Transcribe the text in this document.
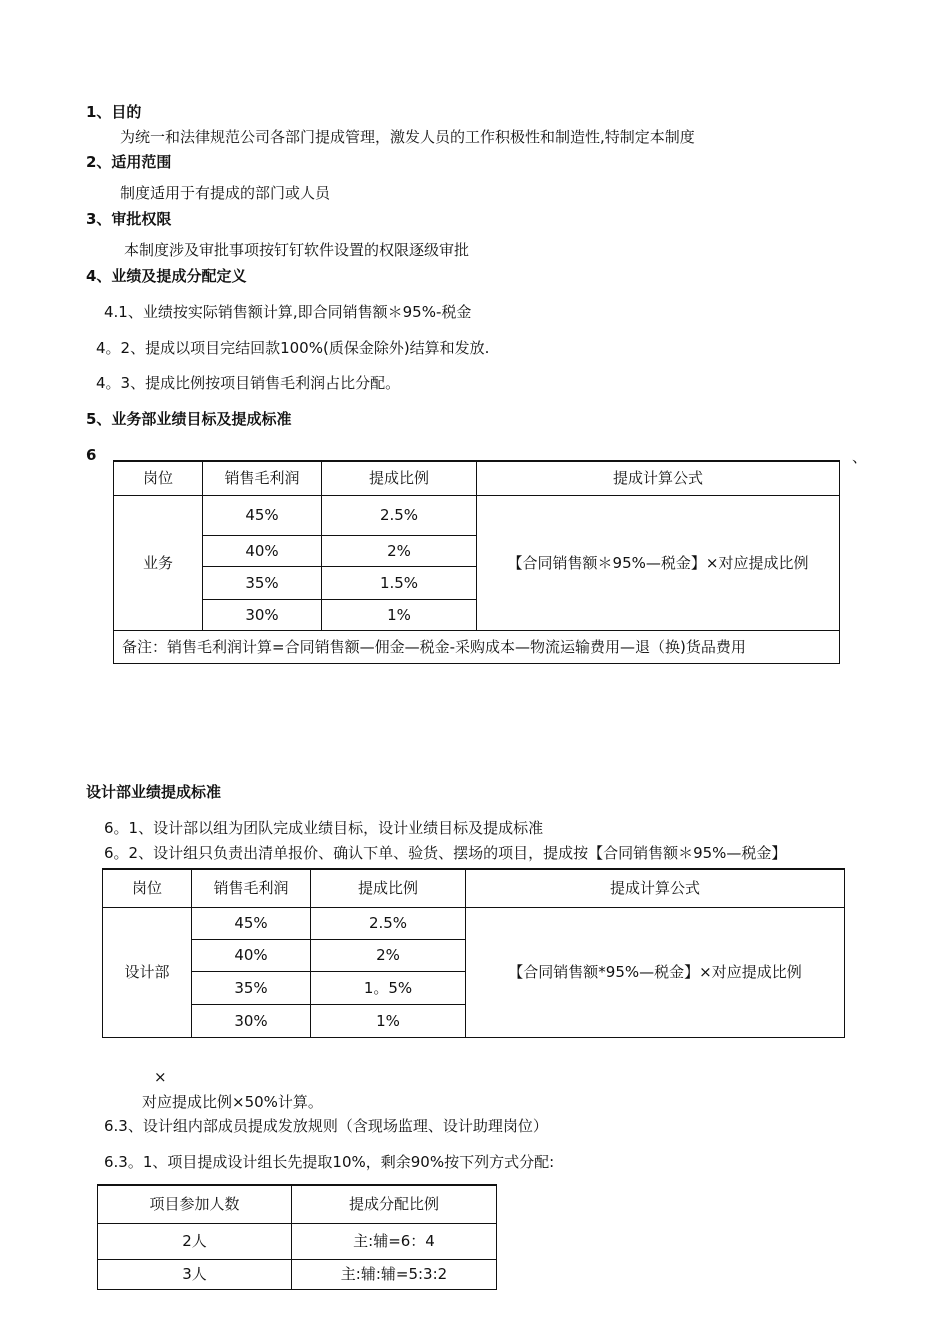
1、目的
为统一和法律规范公司各部门提成管理，激发人员的工作积极性和制造性,特制定本制度
2、适用范围
制度适用于有提成的部门或人员
3、审批权限
本制度涉及审批事项按钉钉软件设置的权限逐级审批
4、业绩及提成分配定义
4.1、业绩按实际销售额计算,即合同销售额＊95%-税金
4。2、提成以项目完结回款100%(质保金除外)结算和发放.
4。3、提成比例按项目销售毛利润占比分配。
5、业务部业绩目标及提成标准
6	、
岗位	销售毛利润	提成比例	提成计算公式
业务	45%	2.5%	【合同销售额＊95%—税金】×对应提成比例
	40%	2%	
	35%	1.5%	
	30%	1%	
备注：销售毛利润计算=合同销售额—佣金—税金-采购成本—物流运输费用—退（换)货品费用			
设计部业绩提成标准
6。1、设计部以组为团队完成业绩目标，设计业绩目标及提成标准
6。2、设计组只负责出清单报价、确认下单、验货、摆场的项目，提成按【合同销售额＊95%—税金】
岗位	销售毛利润	提成比例	提成计算公式
设计部	45%	2.5%	【合同销售额*95%—税金】×对应提成比例
	40%	2%	
	35%	1。5%	
	30%	1%	
×
对应提成比例×50%计算。
6.3、设计组内部成员提成发放规则（含现场监理、设计助理岗位）
6.3。1、项目提成设计组长先提取10%，剩余90%按下列方式分配:
项目参加人数	提成分配比例
2人	主:辅=6：4
3人	主:辅:辅=5:3:2
